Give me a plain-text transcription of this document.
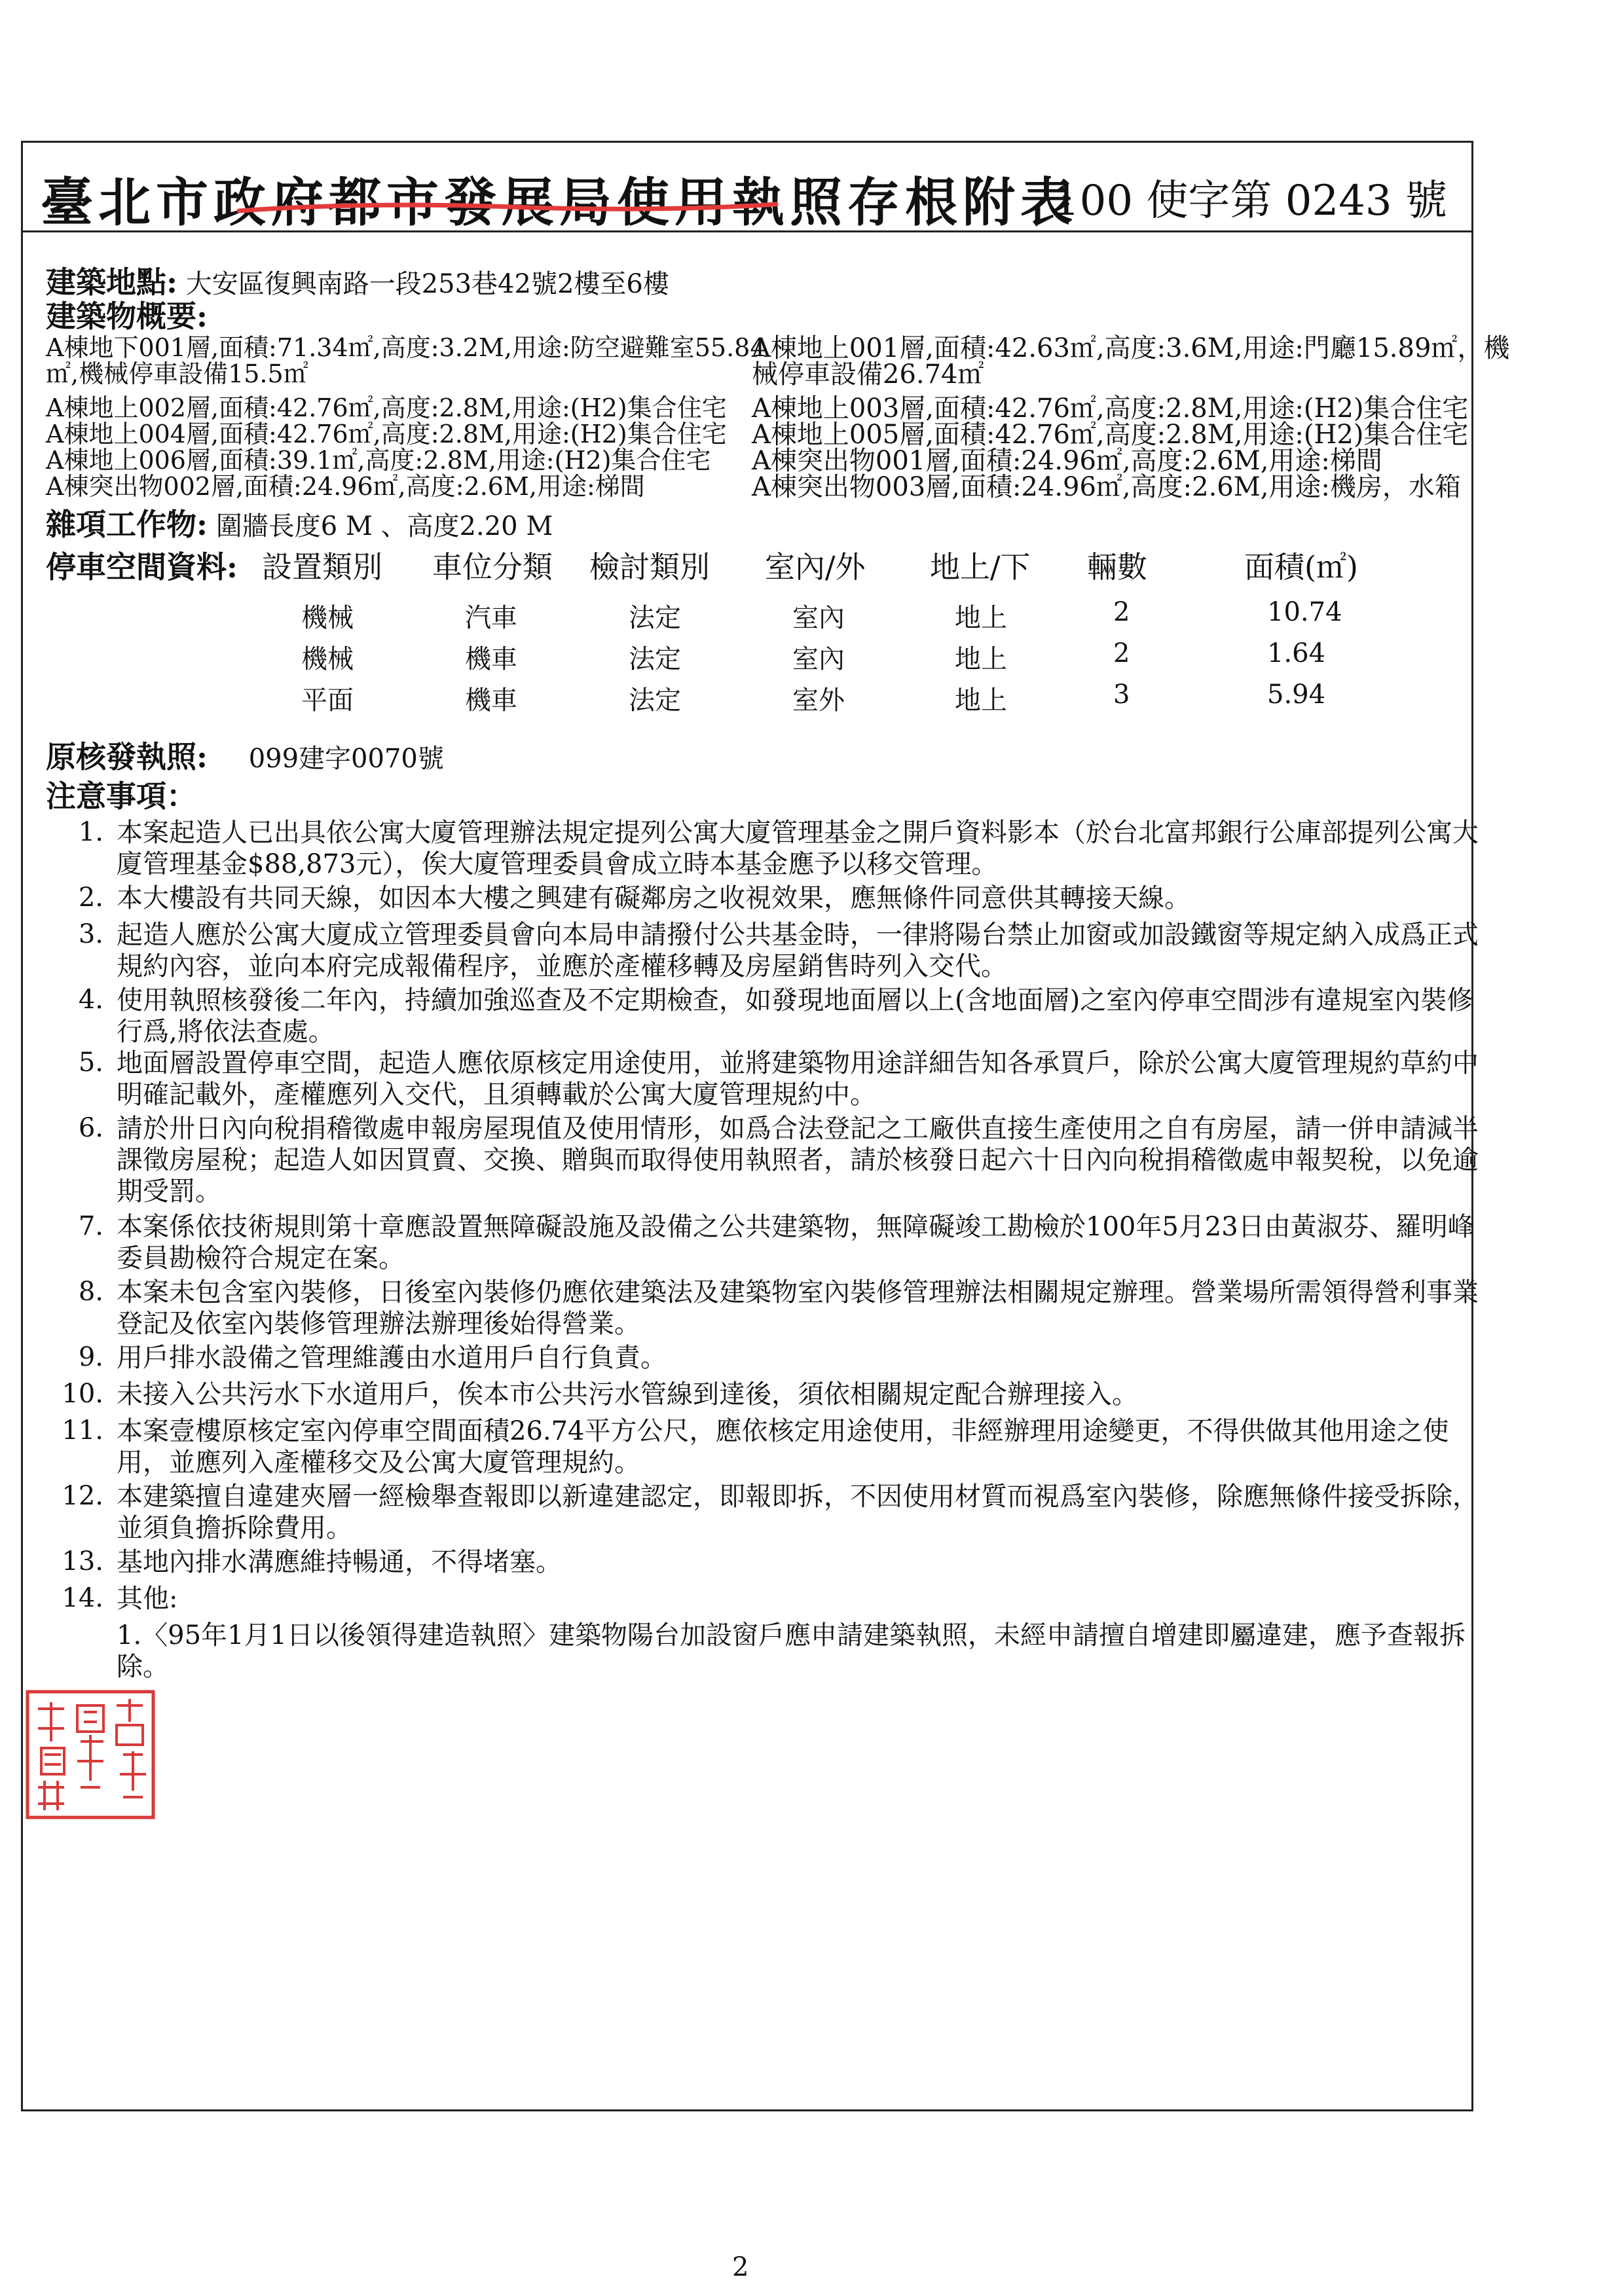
臺北市政府都市發展局使用執照存根附表
100 使字第 0243 號
建築地點: 大安區復興南路一段253巷42號2樓至6樓
建築物概要:
A棟地下001層,面積:71.34㎡,高度:3.2M,用途:防空避難室55.84
㎡,機械停車設備15.5㎡
A棟地上002層,面積:42.76㎡,高度:2.8M,用途:(H2)集合住宅
A棟地上004層,面積:42.76㎡,高度:2.8M,用途:(H2)集合住宅
A棟地上006層,面積:39.1㎡,高度:2.8M,用途:(H2)集合住宅
A棟突出物002層,面積:24.96㎡,高度:2.6M,用途:梯間
A棟地上001層,面積:42.63㎡,高度:3.6M,用途:門廳15.89㎡，機
械停車設備26.74㎡
A棟地上003層,面積:42.76㎡,高度:2.8M,用途:(H2)集合住宅
A棟地上005層,面積:42.76㎡,高度:2.8M,用途:(H2)集合住宅
A棟突出物001層,面積:24.96㎡,高度:2.6M,用途:梯間
A棟突出物003層,面積:24.96㎡,高度:2.6M,用途:機房，水箱
雜項工作物: 圍牆長度6 M 、高度2.20 M
停車空間資料: 設置類別 車位分類 檢討類別 室內/外 地上/下 輛數	面積(㎡)
機械	汽車	法定	室內	地上	2	10.74
機械	機車	法定	室內	地上	2	1.64
平面	機車	法定	室外	地上	3	5.94
原核發執照: 099建字0070號
注意事項：
1. 本案起造人已出具依公寓大廈管理辦法規定提列公寓大廈管理基金之開戶資料影本（於台北富邦銀行公庫部提列公寓大廈管理基金$88,873元），俟大廈管理委員會成立時本基金應予以移交管理。
2. 本大樓設有共同天線，如因本大樓之興建有礙鄰房之收視效果，應無條件同意供其轉接天線。
3. 起造人應於公寓大廈成立管理委員會向本局申請撥付公共基金時，一律將陽台禁止加窗或加設鐵窗等規定納入成爲正式規約內容，並向本府完成報備程序，並應於產權移轉及房屋銷售時列入交代。
4. 使用執照核發後二年內，持續加強巡查及不定期檢查，如發現地面層以上(含地面層)之室內停車空間涉有違規室內裝修行爲,將依法查處。
5. 地面層設置停車空間，起造人應依原核定用途使用，並將建築物用途詳細告知各承買戶，除於公寓大廈管理規約草約中明確記載外，產權應列入交代，且須轉載於公寓大廈管理規約中。
6. 請於卅日內向稅捐稽徵處申報房屋現值及使用情形，如爲合法登記之工廠供直接生產使用之自有房屋，請一併申請減半課徵房屋稅；起造人如因買賣、交換、贈與而取得使用執照者，請於核發日起六十日內向稅捐稽徵處申報契稅，以免逾期受罰。
7. 本案係依技術規則第十章應設置無障礙設施及設備之公共建築物，無障礙竣工勘檢於100年5月23日由黃淑芬、羅明峰委員勘檢符合規定在案。
8. 本案未包含室內裝修，日後室內裝修仍應依建築法及建築物室內裝修管理辦法相關規定辦理。營業場所需領得營利事業登記及依室內裝修管理辦法辦理後始得營業。
9. 用戶排水設備之管理維護由水道用戶自行負責。
10. 未接入公共污水下水道用戶，俟本市公共污水管線到達後，須依相關規定配合辦理接入。
11. 本案壹樓原核定室內停車空間面積26.74平方公尺，應依核定用途使用，非經辦理用途變更，不得供做其他用途之使用，並應列入產權移交及公寓大廈管理規約。
12. 本建築擅自違建夾層一經檢舉查報即以新違建認定，即報即拆，不因使用材質而視爲室內裝修，除應無條件接受拆除，並須負擔拆除費用。
13. 基地內排水溝應維持暢通，不得堵塞。
14. 其他:
1.〈95年1月1日以後領得建造執照〉建築物陽台加設窗戶應申請建築執照，未經申請擅自增建即屬違建，應予查報拆除。
2
